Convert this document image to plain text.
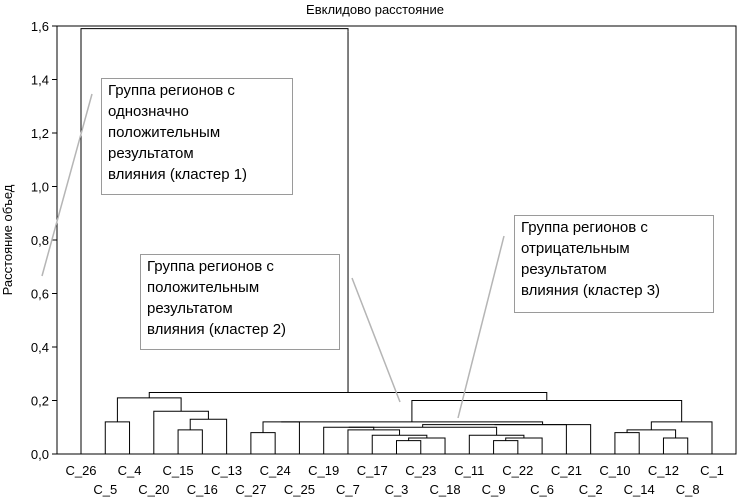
Евклидово расстояние
Расстояние объед
0,0
0,2
0,4
0,6
0,8
1,0
1,2
1,4
1,6
C_26
C_5
C_4
C_20
C_15
C_16
C_13
C_27
C_24
C_25
C_19
C_7
C_17
C_3
C_23
C_18
C_11
C_9
C_22
C_6
C_21
C_2
C_10
C_14
C_12
C_8
C_1
Группа регионов с
однозначно
положительным
результатом
влияния (кластер 1)
Группа регионов с
положительным
результатом
влияния (кластер 2)
Группа регионов с
отрицательным
результатом
влияния (кластер 3)
